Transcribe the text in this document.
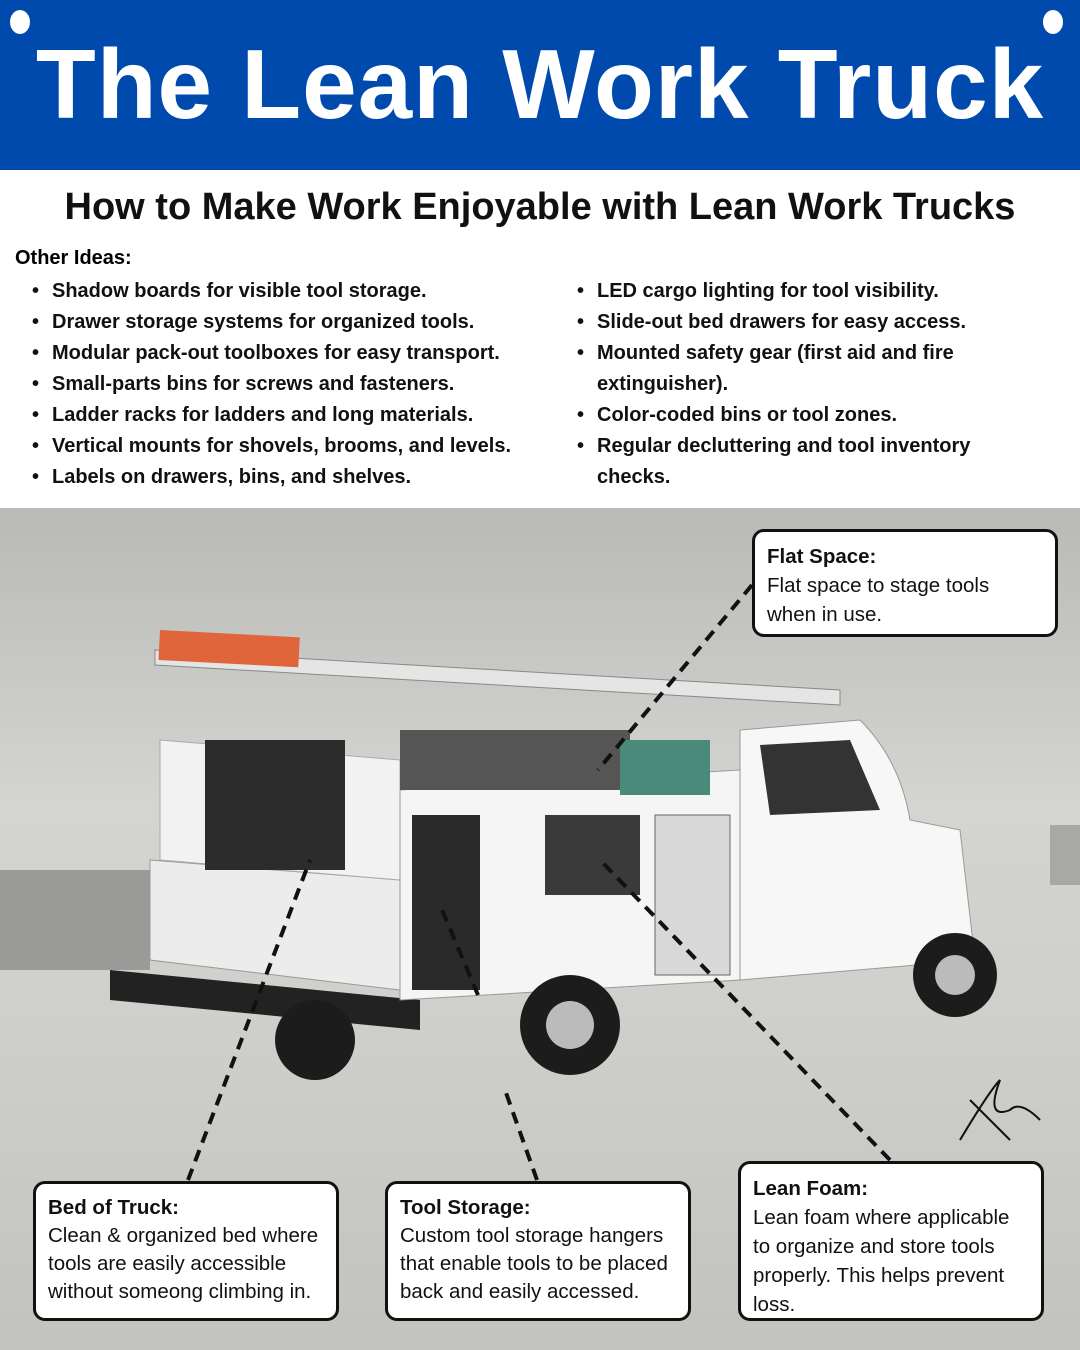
The Lean Work Truck
How to Make Work Enjoyable with Lean Work Trucks
Other Ideas:
• Shadow boards for visible tool storage.
• Drawer storage systems for organized tools.
• Modular pack-out toolboxes for easy transport.
• Small-parts bins for screws and fasteners.
• Ladder racks for ladders and long materials.
• Vertical mounts for shovels, brooms, and levels.
• Labels on drawers, bins, and shelves.
• LED cargo lighting for tool visibility.
• Slide-out bed drawers for easy access.
• Mounted safety gear (first aid and fire extinguisher).
• Color-coded bins or tool zones.
• Regular decluttering and tool inventory checks.
Flat Space:
Flat space to stage tools when in use.
Bed of Truck:
Clean & organized bed where tools are easily accessible without someong climbing in.
Tool Storage:
Custom tool storage hangers that enable tools to be placed back and easily accessed.
Lean Foam:
Lean foam where applicable to organize and store tools properly. This helps prevent loss.
